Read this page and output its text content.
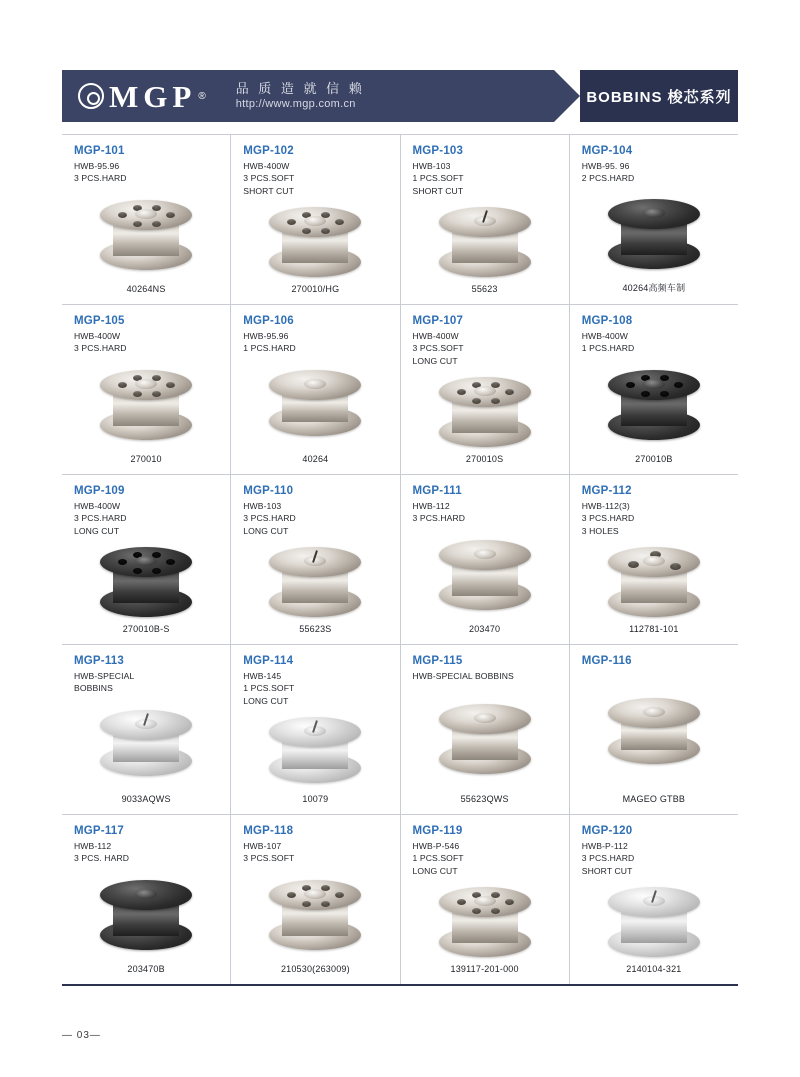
MGP ®
品 质 造 就 信 赖
http://www.mgp.com.cn	BOBBINS 梭芯系列
MGP-101
HWB-95.96
3 PCS.HARD
40264NS
MGP-102
HWB-400W
3 PCS.SOFT
SHORT CUT
270010/HG
MGP-103
HWB-103
1 PCS.SOFT
SHORT CUT
55623
MGP-104
HWB-95. 96
2 PCS.HARD
40264高频车制
MGP-105
HWB-400W
3 PCS.HARD
270010
MGP-106
HWB-95.96
1 PCS.HARD
40264
MGP-107
HWB-400W
3 PCS.SOFT
LONG CUT
270010S
MGP-108
HWB-400W
1 PCS.HARD
270010B
MGP-109
HWB-400W
3 PCS.HARD
LONG CUT
270010B-S
MGP-110
HWB-103
3 PCS.HARD
LONG CUT
55623S
MGP-111
HWB-112
3 PCS.HARD
203470
MGP-112
HWB-112(3)
3 PCS.HARD
3 HOLES
112781-101
MGP-113
HWB-SPECIAL
BOBBINS
9033AQWS
MGP-114
HWB-145
1 PCS.SOFT
LONG CUT
10079
MGP-115
HWB-SPECIAL BOBBINS
55623QWS
MGP-116
MAGEO GTBB
MGP-117
HWB-112
3 PCS. HARD
203470B
MGP-118
HWB-107
3 PCS.SOFT
210530(263009)
MGP-119
HWB-P-546
1 PCS.SOFT
LONG CUT
139117-201-000
MGP-120
HWB-P-112
3 PCS.HARD
SHORT CUT
2140104-321
— 03—
